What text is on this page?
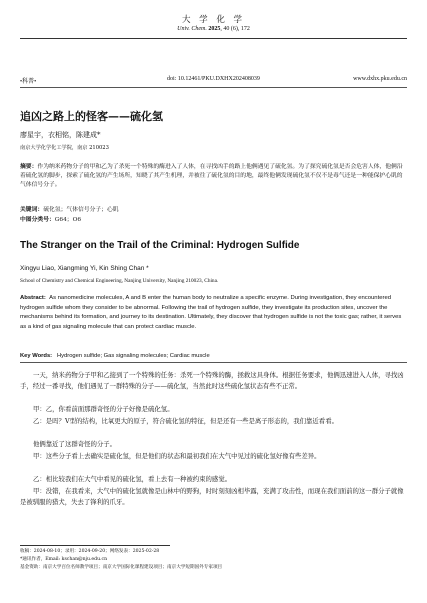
大 学 化 学
Univ. Chem. 2025, 40 (6), 172
•科普•	doi: 10.12461/PKU.DXHX202408039	www.dxhx.pku.edu.cn
追凶之路上的怪客——硫化氢
廖星宇，衣相铭，陈建成*
南京大学化学化工学院，南京 210023
摘要：作为纳米药物分子的甲和乙为了杀死一个特殊的酶进入了人体，在寻找凶手的路上他俩遇见了硫化氢。为了探究硫化氢是否会危害人体，他俩沿着硫化氢的脚步，探索了硫化氢的产生场所，知晓了其产生机理，并被往了硫化氢的目的地，最终他俩发现硫化氢不仅不是毒气还是一种能保护心肌的气体信号分子。
关键词：硫化氢；气体信号分子；心肌
中图分类号：G64；O6
The Stranger on the Trail of the Criminal: Hydrogen Sulfide
Xingyu Liao, Xiangming Yi, Kin Shing Chan *
School of Chemistry and Chemical Engineering, Nanjing University, Nanjing 210023, China.
Abstract: As nanomedicine molecules, A and B enter the human body to neutralize a specific enzyme. During investigation, they encountered hydrogen sulfide whom they consider to be abnormal. Following the trail of hydrogen sulfide, they investigate its production sites, uncover the mechanisms behind its formation, and journey to its destination. Ultimately, they discover that hydrogen sulfide is not the toxic gas; rather, it serves as a kind of gas signaling molecule that can protect cardiac muscle.
Key Words: Hydrogen sulfide; Gas signaling molecules; Cardiac muscle
一天，纳米药物分子甲和乙接到了一个特殊的任务：杀死一个特殊的酶，拯救这具身体。根据任务要求，他俩迅速进入人体，寻找凶手，经过一番寻找，他们遇见了一群特殊的分子——硫化氢，当然此时这些硫化氢状态有些不正常。
甲：乙，你看前面那群奇怪的分子好像是硫化氢。
乙：是吗？V型的结构，比氧更大的原子，符合硫化氢的特征，但是还有一些是离子形态的，我们靠近看看。
他俩靠近了这群奇怪的分子。
甲：这些分子看上去确实是硫化氢，但是他们的状态和最初我们在大气中见过的硫化氢好像有些差异。
乙：相比较我们在大气中看见的硫化氢，看上去有一种被约束的感觉。
甲：没错，在我看来，大气中的硫化氢就像是山林中的野狗，时时刻刻凶相毕露，充满了攻击性，而现在我们面前的这一群分子就像是被驯服的猎犬，失去了锋利的爪牙。
收稿：2024-08-10；录用：2024-09-20；网络发表：2025-02-28
*通讯作者，Email: kschan@nju.edu.cn
基金资助：南京大学百位名师教学项目；南京大学国际化课程建设项目；南京大学短期国外专家项目
